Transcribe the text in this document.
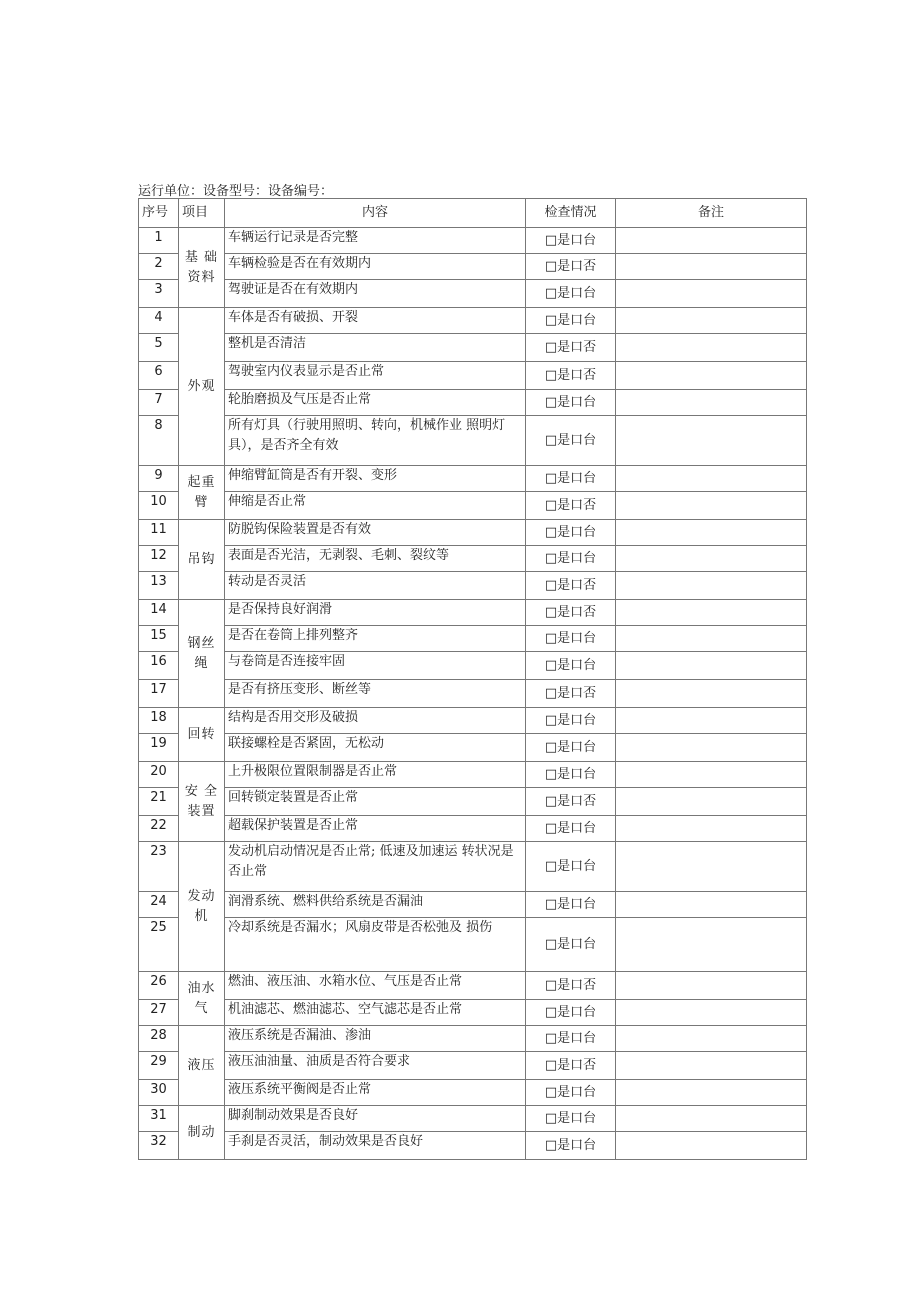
运行单位：设备型号：设备编号：
序号	项目	内容	检查情况	备注
1	基 础资料	车辆运行记录是否完整	□是口台	
2		车辆检验是否在有效期内	□是口否	
3		驾驶证是否在有效期内	□是口台	
4	外观	车体是否有破损、开裂	□是口台	
5		整机是否清洁	□是口否	
6		驾驶室内仪表显示是否止常	□是口否	
7		轮胎磨损及气压是否止常	□是口台	
8		所有灯具（行驶用照明、转向，机械作业 照明灯具），是否齐全有效	□是口台	
9	起重臂	伸缩臂缸筒是否有开裂、变形	□是口台	
10		伸缩是否止常	□是口否	
11	吊钩	防脱钩保险装置是否有效	□是口台	
12		表面是否光洁，无剥裂、毛刺、裂纹等	□是口台	
13		转动是否灵活	□是口否	
14	钢丝绳	是否保持良好润滑	□是口否	
15		是否在卷筒上排列整齐	□是口台	
16		与卷筒是否连接牢固	□是口台	
17		是否有挤压变形、断丝等	□是口否	
18	回转	结构是否用交形及破损	□是口台	
19		联接螺栓是否紧固，无松动	□是口台	
20	安 全装置	上升极限位置限制器是否止常	□是口台	
21		回转锁定装置是否止常	□是口否	
22		超载保护装置是否止常	□是口台	
23	发动机	发动机启动情况是否止常; 低速及加速运 转状况是否止常	□是口台	
24		润滑系统、燃料供给系统是否漏油	□是口台	
25		冷却系统是否漏水；风扇皮带是否松弛及 损伤	□是口台	
26	油水气	燃油、液压油、水箱水位、气压是否止常	□是口否	
27		机油滤芯、燃油滤芯、空气滤芯是否止常	□是口台	
28	液压	液压系统是否漏油、渗油	□是口台	
29		液压油油量、油质是否符合要求	□是口否	
30		液压系统平衡阀是否止常	□是口台	
31	制动	脚刹制动效果是否良好	□是口台	
32		手刹是否灵活，制动效果是否良好	□是口台	
